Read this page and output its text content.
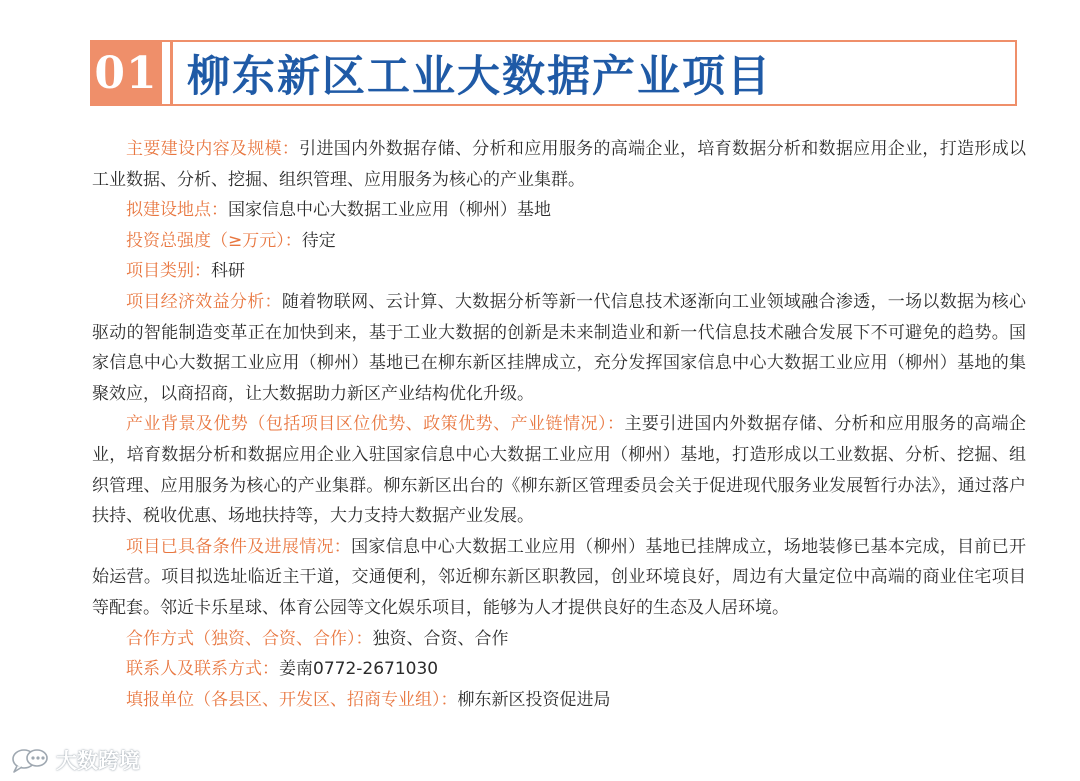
01 柳东新区工业大数据产业项目

主要建设内容及规模：引进国内外数据存储、分析和应用服务的高端企业，培育数据分析和数据应用企业，打造形成以工业数据、分析、挖掘、组织管理、应用服务为核心的产业集群。

拟建设地点：国家信息中心大数据工业应用（柳州）基地

投资总强度（≥万元）：待定

项目类别：科研

项目经济效益分析：随着物联网、云计算、大数据分析等新一代信息技术逐渐向工业领域融合渗透，一场以数据为核心驱动的智能制造变革正在加快到来，基于工业大数据的创新是未来制造业和新一代信息技术融合发展下不可避免的趋势。国家信息中心大数据工业应用（柳州）基地已在柳东新区挂牌成立，充分发挥国家信息中心大数据工业应用（柳州）基地的集聚效应，以商招商，让大数据助力新区产业结构优化升级。

产业背景及优势（包括项目区位优势、政策优势、产业链情况）：主要引进国内外数据存储、分析和应用服务的高端企业，培育数据分析和数据应用企业入驻国家信息中心大数据工业应用（柳州）基地，打造形成以工业数据、分析、挖掘、组织管理、应用服务为核心的产业集群。柳东新区出台的《柳东新区管理委员会关于促进现代服务业发展暂行办法》，通过落户扶持、税收优惠、场地扶持等，大力支持大数据产业发展。

项目已具备条件及进展情况：国家信息中心大数据工业应用（柳州）基地已挂牌成立，场地装修已基本完成，目前已开始运营。项目拟选址临近主干道，交通便利，邻近柳东新区职教园，创业环境良好，周边有大量定位中高端的商业住宅项目等配套。邻近卡乐星球、体育公园等文化娱乐项目，能够为人才提供良好的生态及人居环境。

合作方式（独资、合资、合作）：独资、合资、合作

联系人及联系方式：姜南0772-2671030

填报单位（各县区、开发区、招商专业组）：柳东新区投资促进局

大数跨境
